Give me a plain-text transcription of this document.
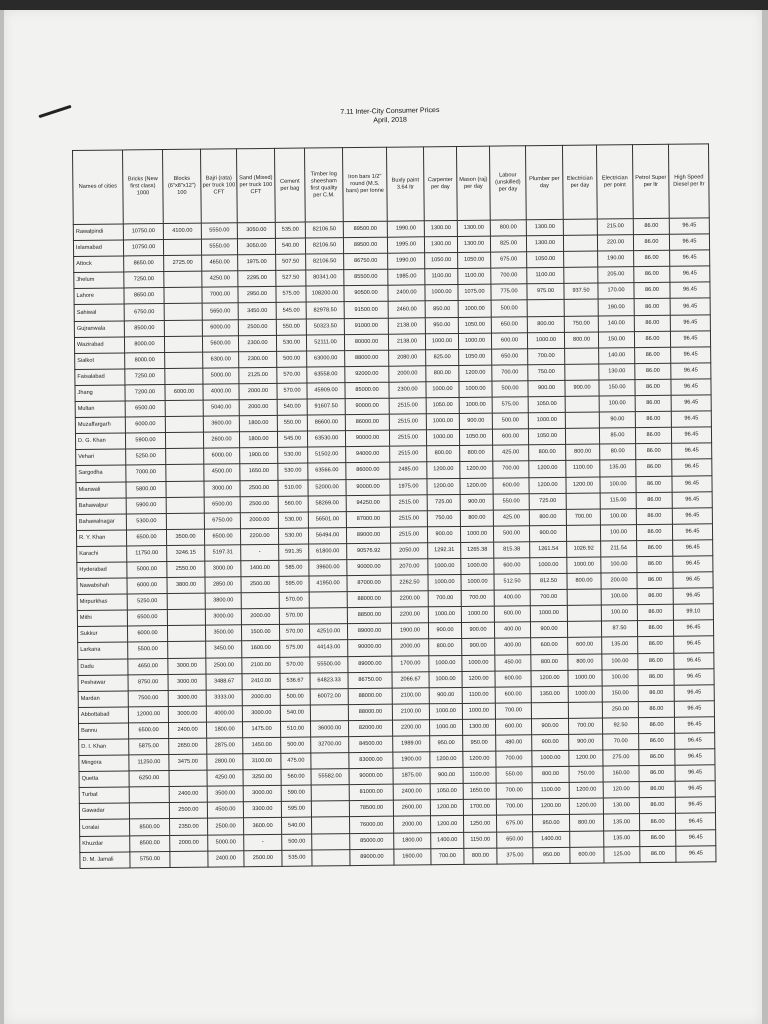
7.11 Inter-City Consumer Prices
April, 2018
Names of cities	Bricks (New first class) 1000	Blocks (6"x8"x12") 100	Bajri (rata) per truck 100 CFT	Sand (Mixed) per truck 100 CFT	Cement per bag	Timber log sheesham first quality per C.M.	Iron bars 1/2" round (M.S. bars) per tonne	Buxly paint 3.64 ltr	Carpenter per day	Mason (raj) per day	Labour (unskilled) per day	Plumber per day	Electrician per day	Electrician per point	Petrol Super per ltr	High Speed Diesel per ltr
Rawalpindi	10750.00	4100.00	5550.00	3050.00	535.00	82106.50	89500.00	1990.00	1300.00	1300.00	800.00	1300.00		215.00	86.00	96.45
Islamabad	10750.00		5550.00	3050.00	540.00	82106.50	89500.00	1995.00	1300.00	1300.00	825.00	1300.00		220.00	86.00	96.45
Attock	8650.00	2725.00	4650.00	1975.00	507.50	82106.50	86750.00	1990.00	1050.00	1050.00	675.00	1050.00		190.00	86.00	96.45
Jhelum	7250.00		4250.00	2295.00	527.50	80341.00	85500.00	1985.00	1100.00	1100.00	700.00	1100.00		205.00	86.00	96.45
Lahore	8650.00		7000.00	2950.00	575.00	108200.00	90500.00	2400.00	1000.00	1075.00	775.00	975.00	937.50	170.00	86.00	96.45
Sahiwal	6750.00		5650.00	3450.00	545.00	82978.50	91500.00	2460.00	850.00	1000.00	500.00			190.00	86.00	96.45
Gujranwala	8500.00		6000.00	2500.00	550.00	50323.50	91000.00	2138.00	950.00	1050.00	650.00	800.00	750.00	140.00	86.00	96.45
Wazirabad	8000.00		5600.00	2300.00	530.00	52111.00	80000.00	2138.00	1000.00	1000.00	600.00	1000.00	800.00	150.00	86.00	96.45
Sialkot	8000.00		6300.00	2300.00	500.00	63000.00	88000.00	2080.00	825.00	1050.00	650.00	700.00		140.00	86.00	96.45
Faisalabad	7250.00		5000.00	2125.00	570.00	63558.00	92000.00	2000.00	800.00	1200.00	700.00	750.00		130.00	86.00	96.45
Jhang	7200.00	6000.00	4000.00	2000.00	570.00	45909.00	85000.00	2300.00	1000.00	1000.00	500.00	900.00	900.00	150.00	86.00	96.45
Multan	6500.00		5040.00	2000.00	540.00	91607.50	90000.00	2515.00	1050.00	1000.00	575.00	1050.00		100.00	86.00	96.45
Muzaffargarh	6000.00		3600.00	1800.00	550.00	86600.00	86000.00	2515.00	1000.00	900.00	500.00	1000.00		90.00	86.00	96.45
D. G. Khan	5900.00		2600.00	1800.00	545.00	63530.00	90000.00	2515.00	1000.00	1050.00	600.00	1050.00		85.00	86.00	96.45
Vehari	5250.00		6000.00	1900.00	530.00	51502.00	94000.00	2515.00	800.00	800.00	425.00	800.00	800.00	80.00	86.00	96.45
Sargodha	7000.00		4500.00	1650.00	530.00	63566.00	86000.00	2485.00	1200.00	1200.00	700.00	1200.00	1100.00	135.00	86.00	96.45
Mianwali	5800.00		3000.00	2500.00	510.00	52000.00	90000.00	1975.00	1200.00	1200.00	600.00	1200.00	1200.00	100.00	86.00	96.45
Bahawalpur	5900.00		6500.00	2500.00	560.00	58269.00	94250.00	2515.00	725.00	900.00	550.00	725.00		115.00	86.00	96.45
Bahawalnagar	5300.00		6750.00	2000.00	530.00	56501.00	87000.00	2515.00	750.00	800.00	425.00	800.00	700.00	100.00	86.00	96.45
R. Y. Khan	6500.00	3500.00	6500.00	2200.00	530.00	56494.00	89000.00	2515.00	900.00	1000.00	500.00	900.00		100.00	86.00	96.45
Karachi	11750.00	3246.15	5197.31	-	591.35	61800.00	90576.92	2050.00	1292.31	1265.38	815.38	1261.54	1026.92	211.54	86.00	96.45
Hyderabad	5000.00	2550.00	3000.00	1400.00	585.00	39600.00	90000.00	2070.00	1000.00	1000.00	600.00	1000.00	1000.00	100.00	86.00	96.45
Nawabshah	6000.00	3800.00	2850.00	2500.00	595.00	41950.00	87000.00	2262.50	1000.00	1000.00	512.50	812.50	800.00	200.00	86.00	96.45
Mirpurkhas	5250.00		3800.00		570.00		88000.00	2200.00	700.00	700.00	400.00	700.00		100.00	86.00	96.45
Mithi	6500.00		3000.00	2000.00	570.00		88500.00	2200.00	1000.00	1000.00	600.00	1000.00		100.00	86.00	99.10
Sukkur	6000.00		3500.00	1500.00	570.00	42510.00	89000.00	1900.00	900.00	900.00	400.00	900.00		87.50	86.00	96.45
Larkana	5500.00		3450.00	1600.00	575.00	44143.00	90000.00	2000.00	800.00	900.00	400.00	600.00	600.00	135.00	86.00	96.45
Dadu	4650.00	3000.00	2500.00	2100.00	570.00	55500.00	89000.00	1700.00	1000.00	1000.00	450.00	800.00	800.00	100.00	86.00	96.45
Peshawar	8750.00	3000.00	3488.67	2410.00	536.67	64823.33	86750.00	2066.67	1000.00	1200.00	600.00	1200.00	1000.00	100.00	86.00	96.45
Mardan	7500.00	3000.00	3333.00	2000.00	500.00	60072.00	88000.00	2100.00	900.00	1100.00	600.00	1350.00	1000.00	150.00	86.00	96.45
Abbottabad	12000.00	3000.00	4000.00	3000.00	540.00		88000.00	2100.00	1000.00	1000.00	700.00			250.00	86.00	96.45
Bannu	6500.00	2400.00	1800.00	1475.00	510.00	36000.00	82000.00	2200.00	1000.00	1300.00	600.00	900.00	700.00	92.50	86.00	96.45
D. I. Khan	5875.00	2650.00	2875.00	1450.00	500.00	32700.00	84500.00	1989.00	950.00	950.00	480.00	900.00	900.00	70.00	86.00	96.45
Mingora	11250.00	3475.00	2800.00	3100.00	475.00		83000.00	1900.00	1200.00	1200.00	700.00	1000.00	1200.00	275.00	86.00	96.45
Quetta	6250.00		4250.00	3250.00	560.00	55582.00	90000.00	1875.00	900.00	1100.00	550.00	800.00	750.00	160.00	86.00	96.45
Turbat		2400.00	3500.00	3000.00	590.00		81000.00	2400.00	1050.00	1650.00	700.00	1100.00	1200.00	120.00	86.00	96.45
Gawadar		2500.00	4500.00	3300.00	595.00		78500.00	2600.00	1200.00	1700.00	700.00	1200.00	1200.00	130.00	86.00	96.45
Loralai	8500.00	2350.00	2500.00	3600.00	540.00		76000.00	2000.00	1200.00	1250.00	675.00	950.00	800.00	135.00	86.00	96.45
Khuzdar	8500.00	2000.00	5000.00	-	500.00		85000.00	1800.00	1400.00	1150.00	650.00	1400.00		135.00	86.00	96.45
D. M. Jamali	5750.00		2400.00	2500.00	535.00		89000.00	1600.00	700.00	800.00	375.00	950.00	600.00	125.00	86.00	96.45
